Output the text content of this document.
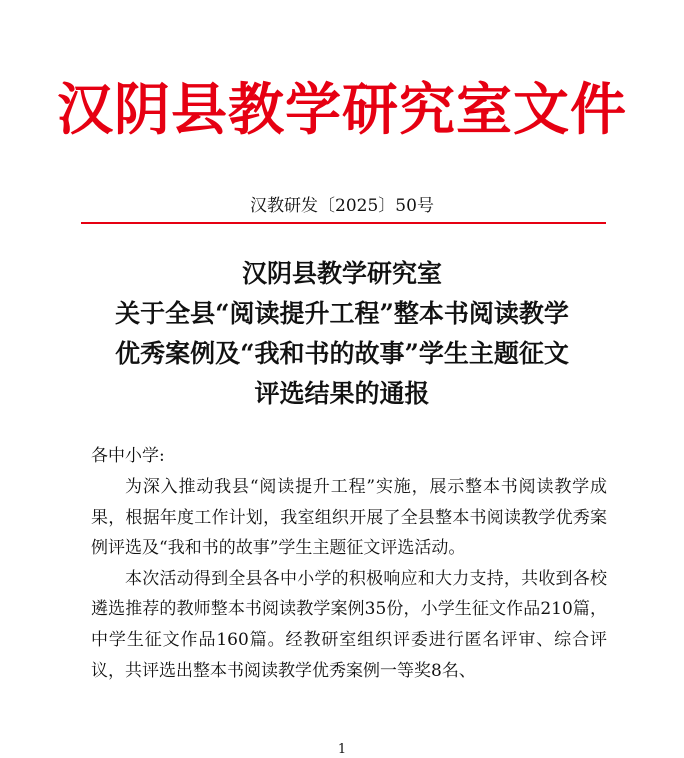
汉阴县教学研究室文件
汉教研发〔2025〕50号
汉阴县教学研究室
关于全县“阅读提升工程”整本书阅读教学
优秀案例及“我和书的故事”学生主题征文
评选结果的通报
各中小学:

为深入推动我县“阅读提升工程”实施，展示整本书阅读教学成果，根据年度工作计划，我室组织开展了全县整本书阅读教学优秀案例评选及“我和书的故事”学生主题征文评选活动。

本次活动得到全县各中小学的积极响应和大力支持，共收到各校遴选推荐的教师整本书阅读教学案例35份，小学生征文作品210篇，中学生征文作品160篇。经教研室组织评委进行匿名评审、综合评议，共评选出整本书阅读教学优秀案例一等奖8名、

1
